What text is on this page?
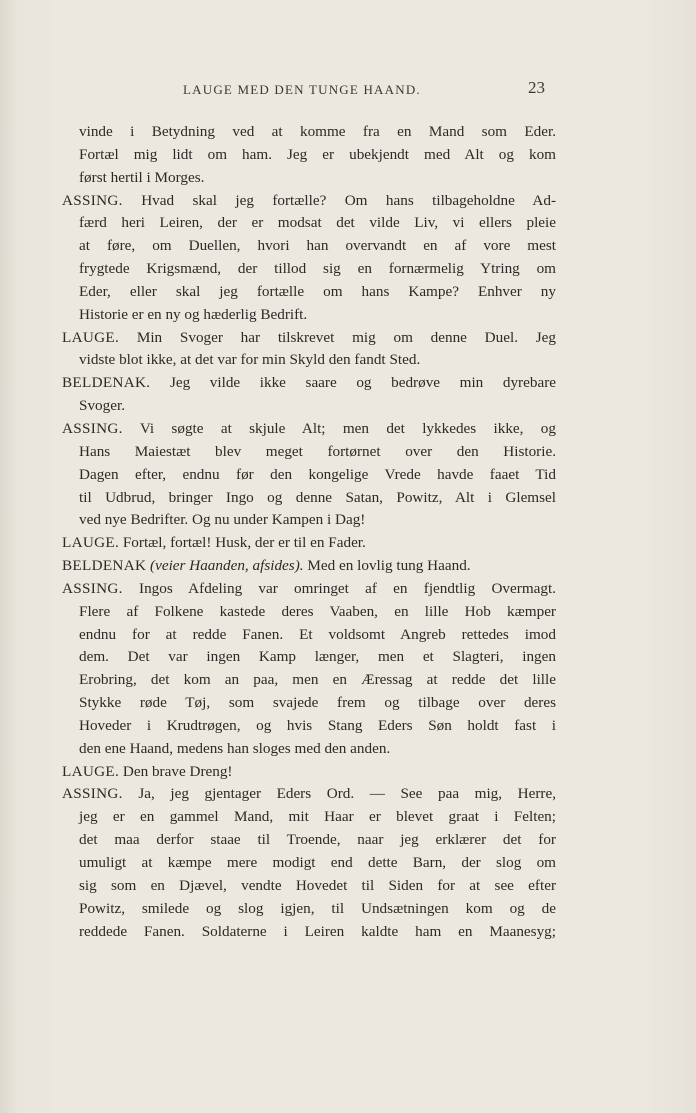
LAUGE MED DEN TUNGE HAAND.	23
vinde i Betydning ved at komme fra en Mand som Eder.
Fortæl mig lidt om ham. Jeg er ubekjendt med Alt og kom
først hertil i Morges.
ASSING. Hvad skal jeg fortælle? Om hans tilbageholdne Ad-
færd heri Leiren, der er modsat det vilde Liv, vi ellers pleie
at føre, om Duellen, hvori han overvandt en af vore mest
frygtede Krigsmænd, der tillod sig en fornærmelig Ytring om
Eder, eller skal jeg fortælle om hans Kampe? Enhver ny
Historie er en ny og hæderlig Bedrift.
LAUGE. Min Svoger har tilskrevet mig om denne Duel. Jeg
vidste blot ikke, at det var for min Skyld den fandt Sted.
BELDENAK. Jeg vilde ikke saare og bedrøve min dyrebare
Svoger.
ASSING. Vi søgte at skjule Alt; men det lykkedes ikke, og
Hans Maiestæt blev meget fortørnet over den Historie.
Dagen efter, endnu før den kongelige Vrede havde faaet Tid
til Udbrud, bringer Ingo og denne Satan, Powitz, Alt i Glemsel
ved nye Bedrifter. Og nu under Kampen i Dag!
LAUGE. Fortæl, fortæl! Husk, der er til en Fader.
BELDENAK (veier Haanden, afsides). Med en lovlig tung Haand.
ASSING. Ingos Afdeling var omringet af en fjendtlig Overmagt.
Flere af Folkene kastede deres Vaaben, en lille Hob kæmper
endnu for at redde Fanen. Et voldsomt Angreb rettedes imod
dem. Det var ingen Kamp længer, men et Slagteri, ingen
Erobring, det kom an paa, men en Æressag at redde det lille
Stykke røde Tøj, som svajede frem og tilbage over deres
Hoveder i Krudtrøgen, og hvis Stang Eders Søn holdt fast i
den ene Haand, medens han sloges med den anden.
LAUGE. Den brave Dreng!
ASSING. Ja, jeg gjentager Eders Ord. — See paa mig, Herre,
jeg er en gammel Mand, mit Haar er blevet graat i Felten;
det maa derfor staae til Troende, naar jeg erklærer det for
umuligt at kæmpe mere modigt end dette Barn, der slog om
sig som en Djævel, vendte Hovedet til Siden for at see efter
Powitz, smilede og slog igjen, til Undsætningen kom og de
reddede Fanen. Soldaterne i Leiren kaldte ham en Maanesyg;
